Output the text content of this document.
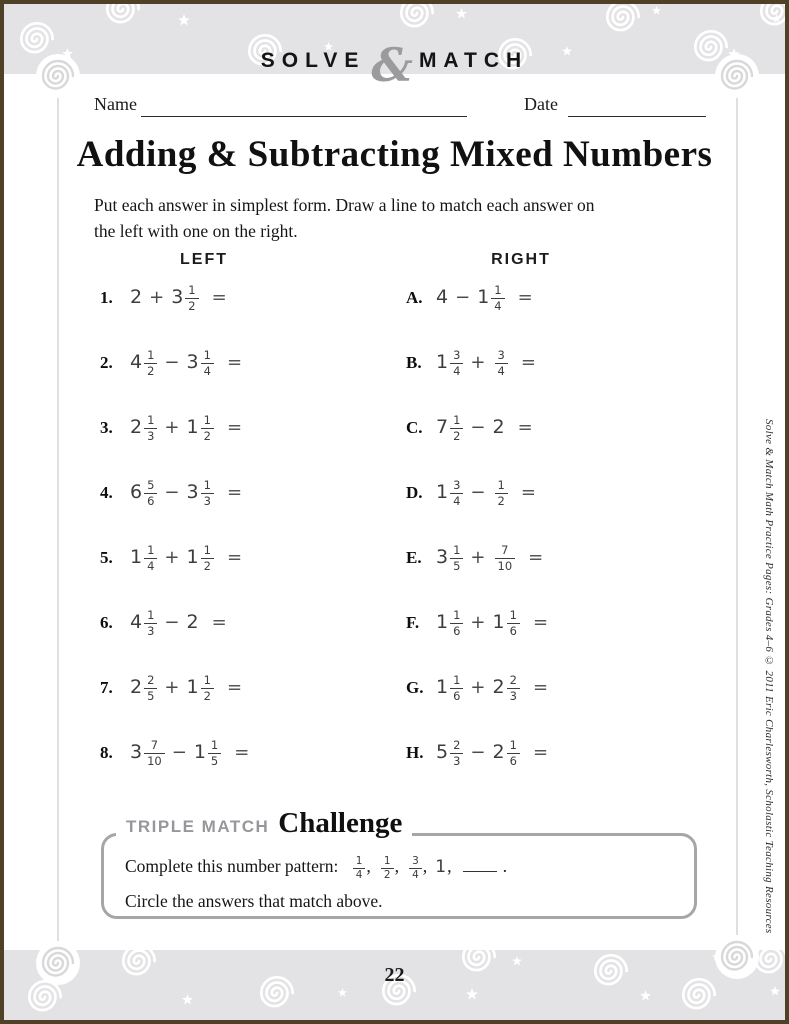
SOLVE & MATCH
Name	Date
Adding & Subtracting Mixed Numbers
Put each answer in simplest form. Draw a line to match each answer on
the left with one on the right.
LEFT	RIGHT
1. $2 + 3 \frac{1}{2}$ =	A. $4 - 1 \frac{1}{4}$ =
2. $4 \frac{1}{2} - 3 \frac{1}{4}$ =	B. $1 \frac{3}{4} + \frac{3}{4}$ =
3. $2 \frac{1}{3} + 1 \frac{1}{2}$ =	C. $7 \frac{1}{2} - 2$ =
4. $6 \frac{5}{6} - 3 \frac{1}{3}$ =	D. $1 \frac{3}{4} - \frac{1}{2}$ =
5. $1 \frac{1}{4} + 1 \frac{1}{2}$ =	E. $3 \frac{1}{5} + \frac{7}{10}$ =
6. $4 \frac{1}{3} - 2$ =	F. $1 \frac{1}{6} + 1 \frac{1}{6}$ =
7. $2 \frac{2}{5} + 1 \frac{1}{2}$ =	G. $1 \frac{1}{6} + 2 \frac{2}{3}$ =
8. $3 \frac{7}{10} - 1 \frac{1}{5}$ =	H. $5 \frac{2}{3} - 2 \frac{1}{6}$ =
TRIPLE MATCH Challenge
Complete this number pattern: $\frac{1}{4}$ , $\frac{1}{2}$ , $\frac{3}{4}$ , 1,	.
Circle the answers that match above.	Solve & Match Math Practice Pages: Grades 4–6 © 2011 Eric Charlesworth, Scholastic Teaching Resources
22
